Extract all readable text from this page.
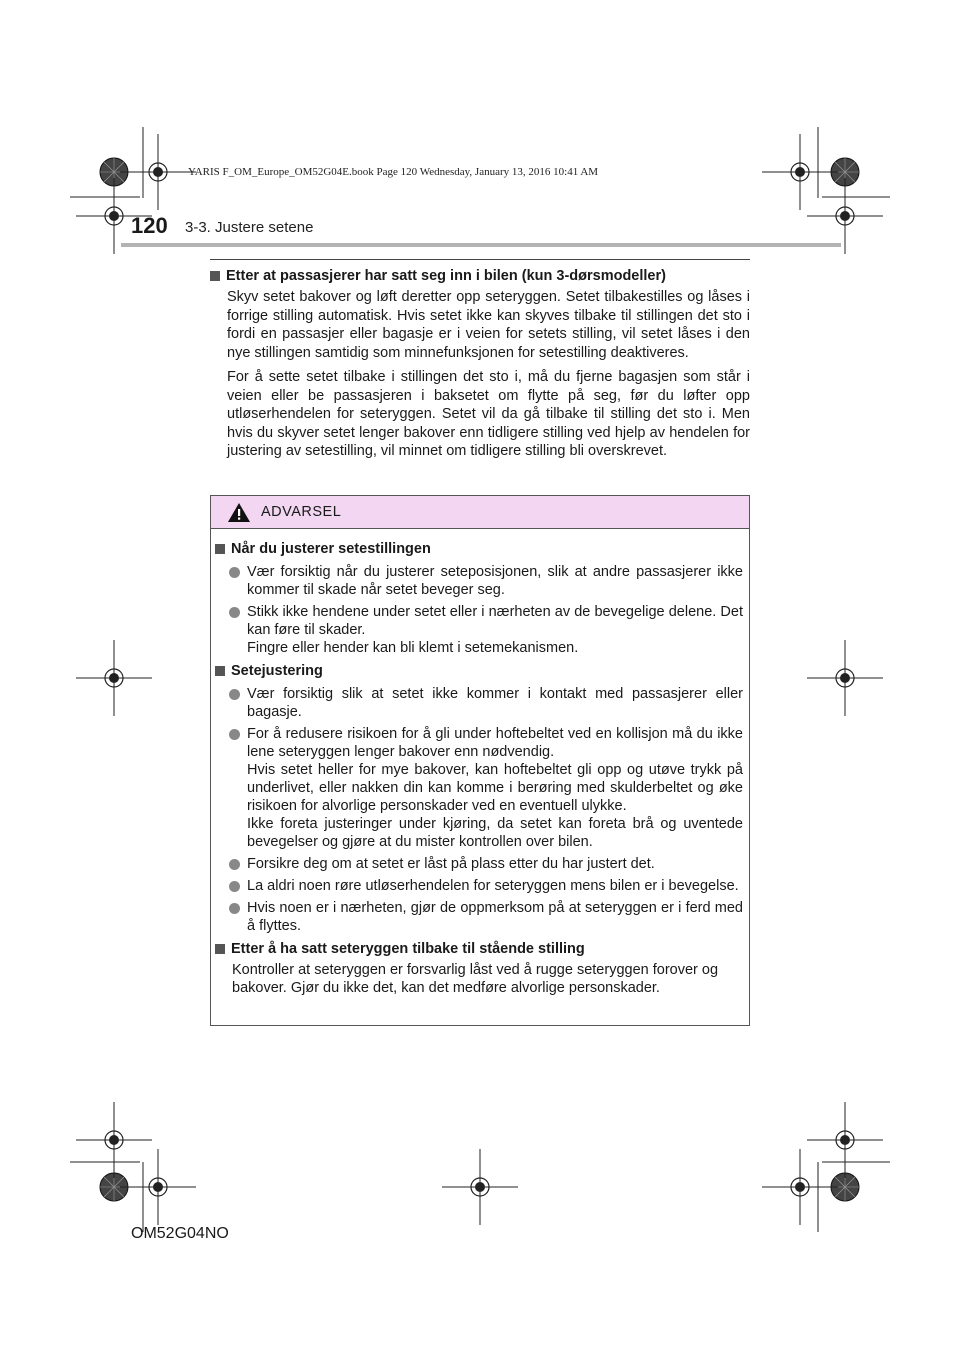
YARIS F_OM_Europe_OM52G04E.book Page 120 Wednesday, January 13, 2016 10:41 AM
120 3-3. Justere setene
Etter at passasjerer har satt seg inn i bilen (kun 3-dørsmodeller)
Skyv setet bakover og løft deretter opp seteryggen. Setet tilbakestilles og låses i forrige stilling automatisk. Hvis setet ikke kan skyves tilbake til stillingen det sto i fordi en passasjer eller bagasje er i veien for setets stilling, vil setet låses i den nye stillingen samtidig som minnefunksjonen for setestilling deaktiveres.
For å sette setet tilbake i stillingen det sto i, må du fjerne bagasjen som står i veien eller be passasjeren i baksetet om flytte på seg, før du løfter opp utløserhendelen for seteryggen. Setet vil da gå tilbake til stilling det sto i. Men hvis du skyver setet lenger bakover enn tidligere stilling ved hjelp av hendelen for justering av setestilling, vil minnet om tidligere stilling bli overskrevet.
ADVARSEL
Når du justerer setestillingen
Vær forsiktig når du justerer seteposisjonen, slik at andre passasjerer ikke kommer til skade når setet beveger seg.
Stikk ikke hendene under setet eller i nærheten av de bevegelige delene. Det kan føre til skader.
Fingre eller hender kan bli klemt i setemekanismen.
Setejustering
Vær forsiktig slik at setet ikke kommer i kontakt med passasjerer eller bagasje.
For å redusere risikoen for å gli under hoftebeltet ved en kollisjon må du ikke lene seteryggen lenger bakover enn nødvendig.
Hvis setet heller for mye bakover, kan hoftebeltet gli opp og utøve trykk på underlivet, eller nakken din kan komme i berøring med skulderbeltet og øke risikoen for alvorlige personskader ved en eventuell ulykke.
Ikke foreta justeringer under kjøring, da setet kan foreta brå og uventede bevegelser og gjøre at du mister kontrollen over bilen.
Forsikre deg om at setet er låst på plass etter du har justert det.
La aldri noen røre utløserhendelen for seteryggen mens bilen er i bevegelse.
Hvis noen er i nærheten, gjør de oppmerksom på at seteryggen er i ferd med å flyttes.
Etter å ha satt seteryggen tilbake til stående stilling
Kontroller at seteryggen er forsvarlig låst ved å rugge seteryggen forover og bakover. Gjør du ikke det, kan det medføre alvorlige personskader.
OM52G04NO
